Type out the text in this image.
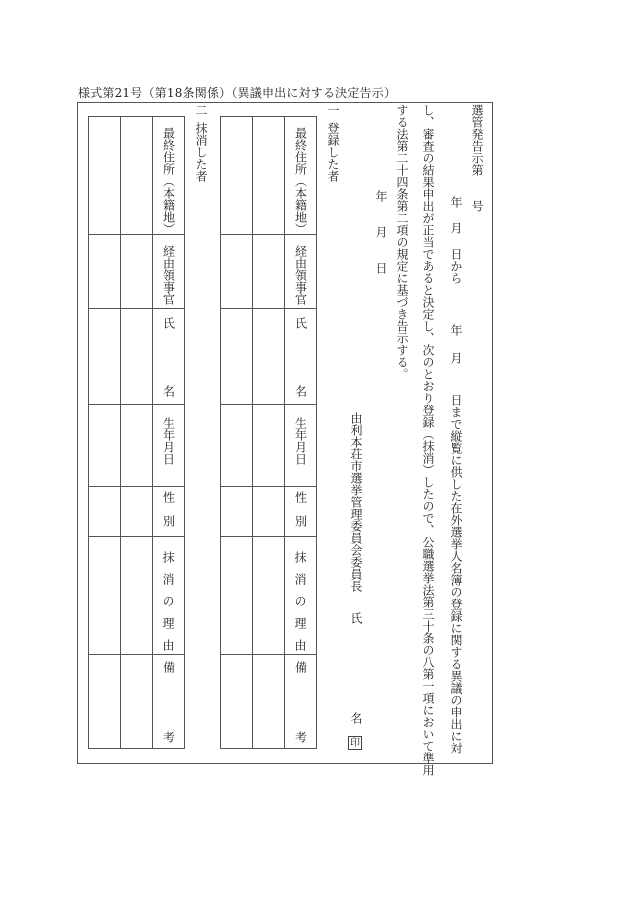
様式第21号（第18条関係）（異議申出に対する決定告示）
選管発告示第
号
年
月
日から
年
月
日まで縦覧に供した在外選挙人名簿の登録に関する異議の申出に対
し、審査の結果申出が正当であると決定し、次のとおり登録（抹消）したので、公職選挙法第三十条の八第一項において準用
する法第二十四条第二項の規定に基づき告示する。
年
月
日
由利本荘市選挙管理委員会委員長
氏
名
印
一
登録した者

		最終住所（本籍地）

		経由領事官

		氏
名

		生年月日

		性
別

		抹消の理由

		備
考
二
抹消した者

		最終住所（本籍地）

		経由領事官

		氏
名

		生年月日

		性
別

		抹消の理由

		備
考
